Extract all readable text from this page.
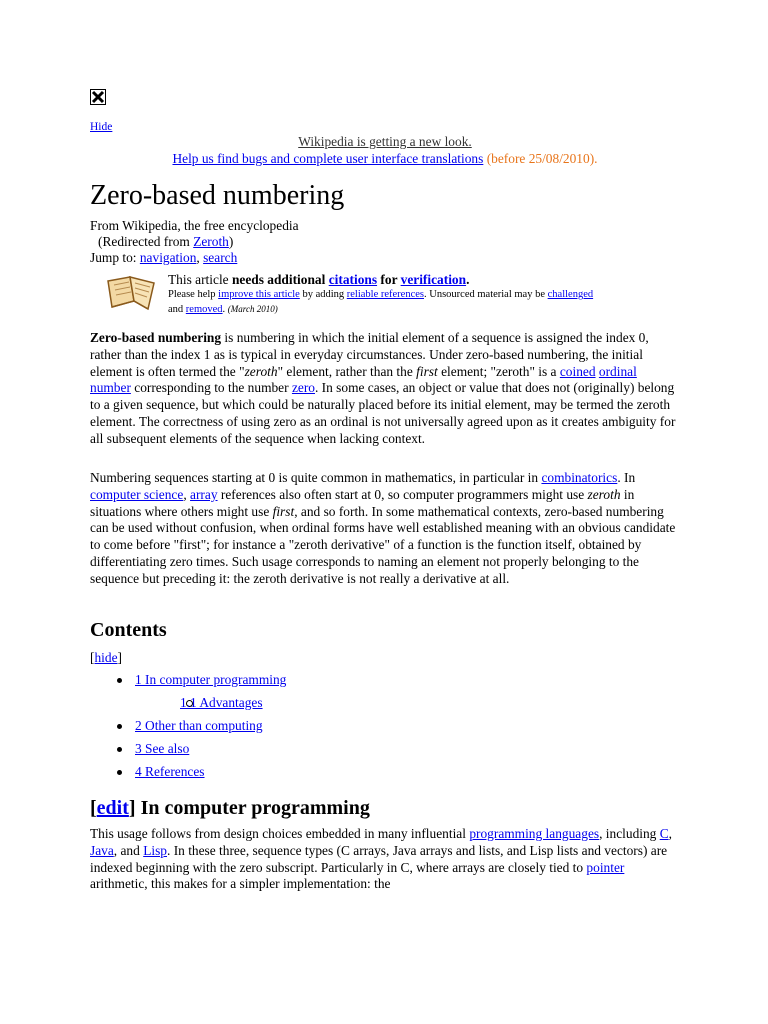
Hide
Wikipedia is getting a new look.
Help us find bugs and complete user interface translations (before 25/08/2010).
Zero-based numbering
From Wikipedia, the free encyclopedia
(Redirected from Zeroth)
Jump to: navigation, search
This article needs additional citations for verification.
Please help improve this article by adding reliable references. Unsourced material may be challenged
and removed. (March 2010)

Zero-based numbering is numbering in which the initial element of a sequence is assigned the index 0, rather than the index 1 as is typical in everyday circumstances. Under zero-based numbering, the initial element is often termed the "zeroth" element, rather than the first element; "zeroth" is a coined ordinal number corresponding to the number zero. In some cases, an object or value that does not (originally) belong to a given sequence, but which could be naturally placed before its initial element, may be termed the zeroth element. The correctness of using zero as an ordinal is not universally agreed upon as it creates ambiguity for all subsequent elements of the sequence when lacking context.

Numbering sequences starting at 0 is quite common in mathematics, in particular in combinatorics. In computer science, array references also often start at 0, so computer programmers might use zeroth in situations where others might use first, and so forth. In some mathematical contexts, zero-based numbering can be used without confusion, when ordinal forms have well established meaning with an obvious candidate to come before "first"; for instance a "zeroth derivative" of a function is the function itself, obtained by differentiating zero times. Such usage corresponds to naming an element not properly belonging to the sequence but preceding it: the zeroth derivative is not really a derivative at all.

Contents
[hide]
1 In computer programming
1.1 Advantages
2 Other than computing
3 See also
4 References
[edit] In computer programming

This usage follows from design choices embedded in many influential programming languages, including C, Java, and Lisp. In these three, sequence types (C arrays, Java arrays and lists, and Lisp lists and vectors) are indexed beginning with the zero subscript. Particularly in C, where arrays are closely tied to pointer arithmetic, this makes for a simpler implementation: the
